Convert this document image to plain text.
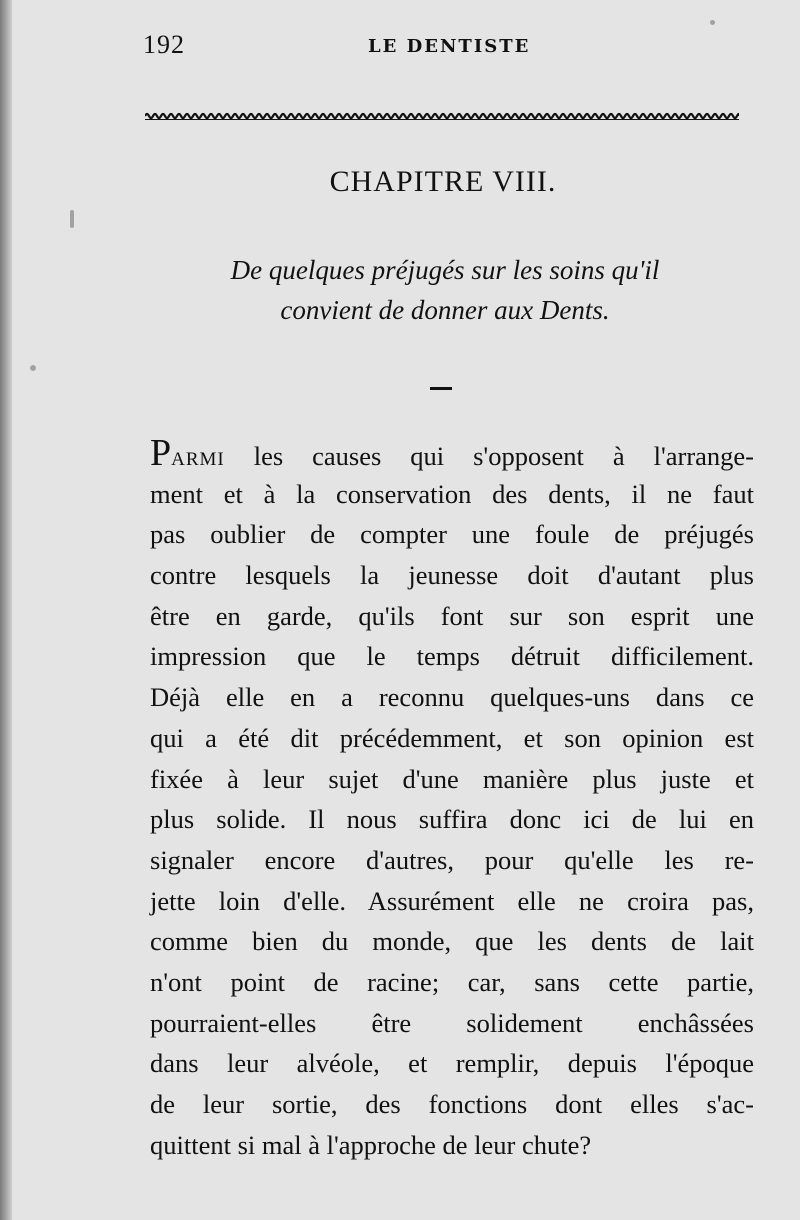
192	LE DENTISTE
CHAPITRE VIII.
De quelques préjugés sur les soins qu'il
convient de donner aux Dents.
PARMI les causes qui s'opposent à l'arrange-
ment et à la conservation des dents, il ne faut
pas oublier de compter une foule de préjugés
contre lesquels la jeunesse doit d'autant plus
être en garde, qu'ils font sur son esprit une
impression que le temps détruit difficilement.
Déjà elle en a reconnu quelques-uns dans ce
qui a été dit précédemment, et son opinion est
fixée à leur sujet d'une manière plus juste et
plus solide. Il nous suffira donc ici de lui en
signaler encore d'autres, pour qu'elle les re-
jette loin d'elle. Assurément elle ne croira pas,
comme bien du monde, que les dents de lait
n'ont point de racine; car, sans cette partie,
pourraient-elles être solidement enchâssées
dans leur alvéole, et remplir, depuis l'époque
de leur sortie, des fonctions dont elles s'ac-
quittent si mal à l'approche de leur chute?
